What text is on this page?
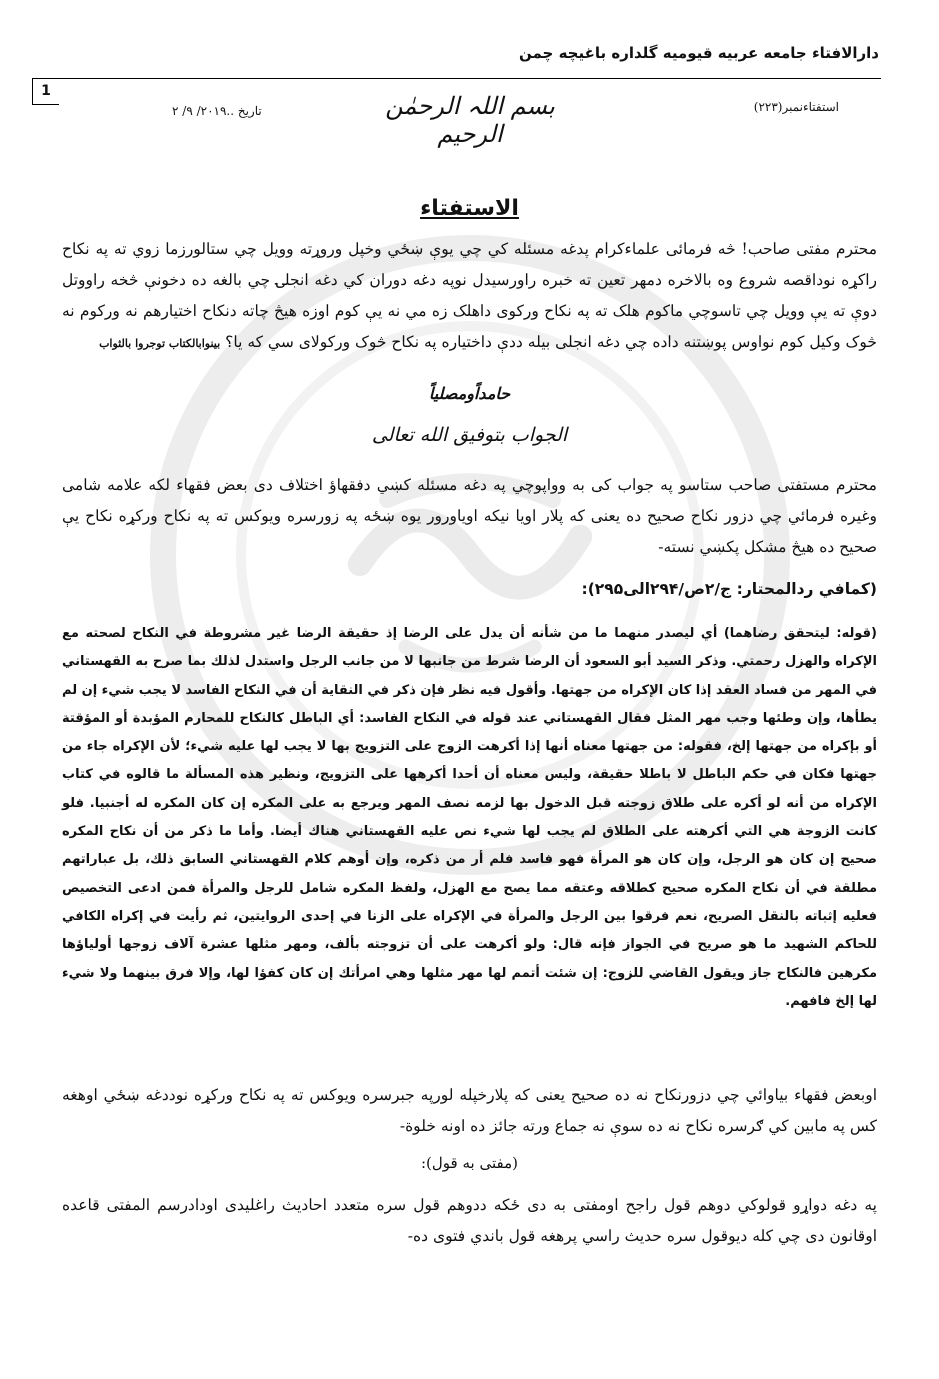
دارالافتاء جامعه عربیه قیومیه گلداره باغیچه چمن
1
استفتاءنمبر(۲۲۳)
بسم اللہ الرحمٰن الرحیم
تاریخ ..۲۰۱۹/ ۹/ ۲
الاستفتاء
محترم مفتی صاحب! څه فرمائی علماءکرام پدغه مسئله کي چي یوې ښځي وخپل وروړته وویل چي ستالورزما زوي ته په نکاح راکړه نوداقصه شروع وه بالاخره دمهر تعین ته خبره راورسیدل نوپه دغه دوران کي دغه انجلۍ چي بالغه ده دخونې څخه راووتل دوې ته یې وویل چي تاسوچي ماکوم هلک ته په نکاح ورکوی داهلک زه مي نه یې کوم اوزه هیڅ چاته دنکاح اختیارهم نه ورکوم نه څوک وکیل کوم نواوس پوښتنه داده چي دغه انجلی بیله ددې داختیاره په نکاح څوک ورکولای سي که یا؟ بینوابالکتاب توجروا بالثواب
حامداًومصلیاً
الجواب بتوفیق الله تعالی
محترم مستفتی صاحب ستاسو په جواب کی به وواپوچي په دغه مسئله کښي دفقهاؤ اختلاف دی بعض فقهاء لکه علامه شامی وغیره فرمائي چي دزور نکاح صحیح ده یعنی که پلار اویا نیکه اویاورور یوه ښځه په زورسره ویوکس ته په نکاح ورکړه نکاح یې صحیح ده هیڅ مشکل پکښي نسته-
(کمافي ردالمحتار: ج/۲ص/۲۹۴الی۲۹۵):
(قوله: ليتحقق رضاهما) أي ليصدر منهما ما من شأنه أن يدل على الرضا إذ حقيقة الرضا غير مشروطة في النكاح لصحته مع الإكراه والهزل رحمتي. وذكر السيد أبو السعود أن الرضا شرط من جانبها لا من جانب الرجل واستدل لذلك بما صرح به القهستاني في المهر من فساد العقد إذا كان الإكراه من جهتها. وأقول فيه نظر فإن ذكر في النقاية أن في النكاح الفاسد لا يجب شيء إن لم يطأها، وإن وطئها وجب مهر المثل فقال القهستاني عند قوله في النكاح الفاسد: أي الباطل كالنكاح للمحارم المؤبدة أو المؤقتة أو بإكراه من جهتها إلخ، فقوله: من جهتها معناه أنها إذا أكرهت الزوج على التزويج بها لا يجب لها عليه شيء؛ لأن الإكراه جاء من جهتها فكان في حكم الباطل لا باطلا حقيقة، وليس معناه أن أحدا أكرهها على التزويج، ونظير هذه المسألة ما قالوه في كتاب الإكراه من أنه لو أكره على طلاق زوجته قبل الدخول بها لزمه نصف المهر ويرجع به على المكره إن كان المكره له أجنبيا. فلو كانت الزوجة هي التي أكرهته على الطلاق لم يجب لها شيء نص عليه القهستاني هناك أيضا. وأما ما ذكر من أن نكاح المكره صحيح إن كان هو الرجل، وإن كان هو المرأة فهو فاسد فلم أر من ذكره، وإن أوهم كلام القهستاني السابق ذلك، بل عباراتهم مطلقة في أن نكاح المكره صحيح كطلاقه وعتقه مما يصح مع الهزل، ولفظ المكره شامل للرجل والمرأة فمن ادعى التخصيص فعليه إثباته بالنقل الصريح، نعم فرقوا بين الرجل والمرأة في الإكراه على الزنا في إحدى الروايتين، ثم رأيت في إكراه الكافي للحاكم الشهيد ما هو صريح في الجواز فإنه قال: ولو أكرهت على أن تزوجته بألف، ومهر مثلها عشرة آلاف زوجها أولياؤها مكرهين فالنكاح جاز ويقول القاضي للزوج: إن شئت أتمم لها مهر مثلها وهي امرأتك إن كان كفؤا لها، وإلا فرق بينهما ولا شيء لها إلخ فافهم.
اوبعض فقهاء بیاوائي چي دزورنکاح نه ده صحیح یعنی که پلارخپله لورپه جبرسره ویوکس ته په نکاح ورکړه نوددغه ښځي اوهغه کس په مابین کي ګرسره نکاح نه ده سوې نه جماع ورته جائز ده اونه خلوة-
(مفتی به قول):
په دغه دواړو قولوکي دوهم قول راجح اومفتی به دی ځکه ددوهم قول سره متعدد احادیث راغلیدی اودادرسم المفتی قاعده اوقانون دی چي کله دیوقول سره حدیث راسي پرهغه قول باندي فتوی ده-
